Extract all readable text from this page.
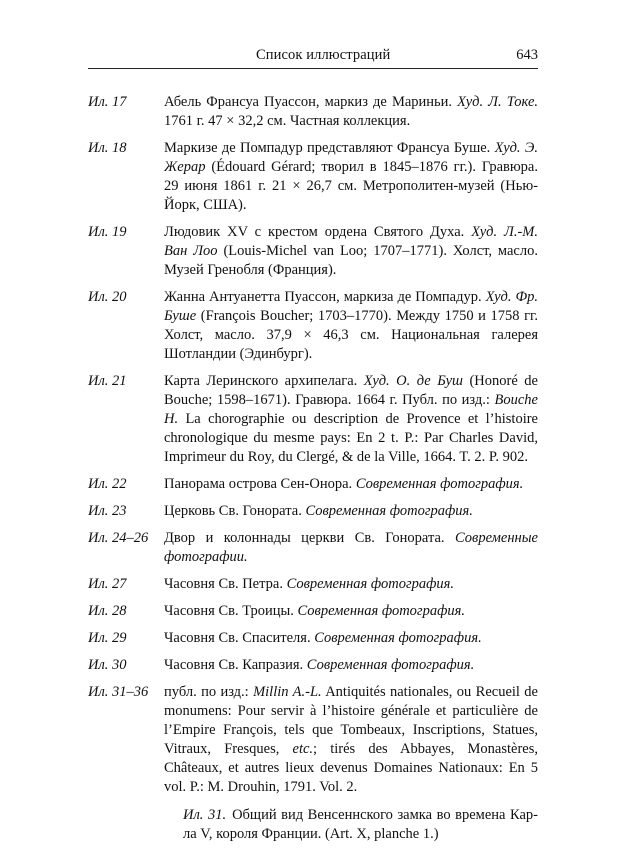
Список иллюстраций	643
Ил. 17	Абель Франсуа Пуассон, маркиз де Мариньи. Худ. Л. Токе. 1761 г. 47 × 32,2 см. Частная коллекция.
Ил. 18	Маркизе де Помпадур представляют Франсуа Буше. Худ. Э. Жерар (Édouard Gérard; творил в 1845–1876 гг.). Гравюра. 29 июня 1861 г. 21 × 26,7 см. Метрополитен-музей (Нью-Йорк, США).
Ил. 19	Людовик XV с крестом ордена Святого Духа. Худ. Л.-М. Ван Лоо (Louis-Michel van Loo; 1707–1771). Холст, масло. Музей Гренобля (Франция).
Ил. 20	Жанна Антуанетта Пуассон, маркиза де Помпадур. Худ. Фр. Буше (François Boucher; 1703–1770). Между 1750 и 1758 гг. Холст, масло. 37,9 × 46,3 см. Национальная галерея Шотландии (Эдинбург).
Ил. 21	Карта Леринского архипелага. Худ. О. де Буш (Honoré de Bouche; 1598–1671). Гравюра. 1664 г. Публ. по изд.: Bouche H. La chorographie ou description de Provence et l’histoire chronologique du mesme pays: En 2 t. P.: Par Charles David, Imprimeur du Roy, du Clergé, & de la Ville, 1664. T. 2. P. 902.
Ил. 22	Панорама острова Сен-Онора. Современная фотография.
Ил. 23	Церковь Св. Гонората. Современная фотография.
Ил. 24–26	Двор и колоннады церкви Св. Гонората. Современные фотографии.
Ил. 27	Часовня Св. Петра. Современная фотография.
Ил. 28	Часовня Св. Троицы. Современная фотография.
Ил. 29	Часовня Св. Спасителя. Современная фотография.
Ил. 30	Часовня Св. Капразия. Современная фотография.
Ил. 31–36	публ. по изд.: Millin A.-L. Antiquités nationales, ou Recueil de monumens: Pour servir à l’histoire générale et particulière de l’Empire François, tels que Tombeaux, Inscriptions, Statues, Vitraux, Fresques, etc.; tirés des Abbayes, Monastères, Châteaux, et autres lieux devenus Domaines Nationaux: En 5 vol. P.: M. Drouhin, 1791. Vol. 2.
Ил. 31. Общий вид Венсеннского замка во времена Карла V, короля Франции. (Art. X, planche 1.)
